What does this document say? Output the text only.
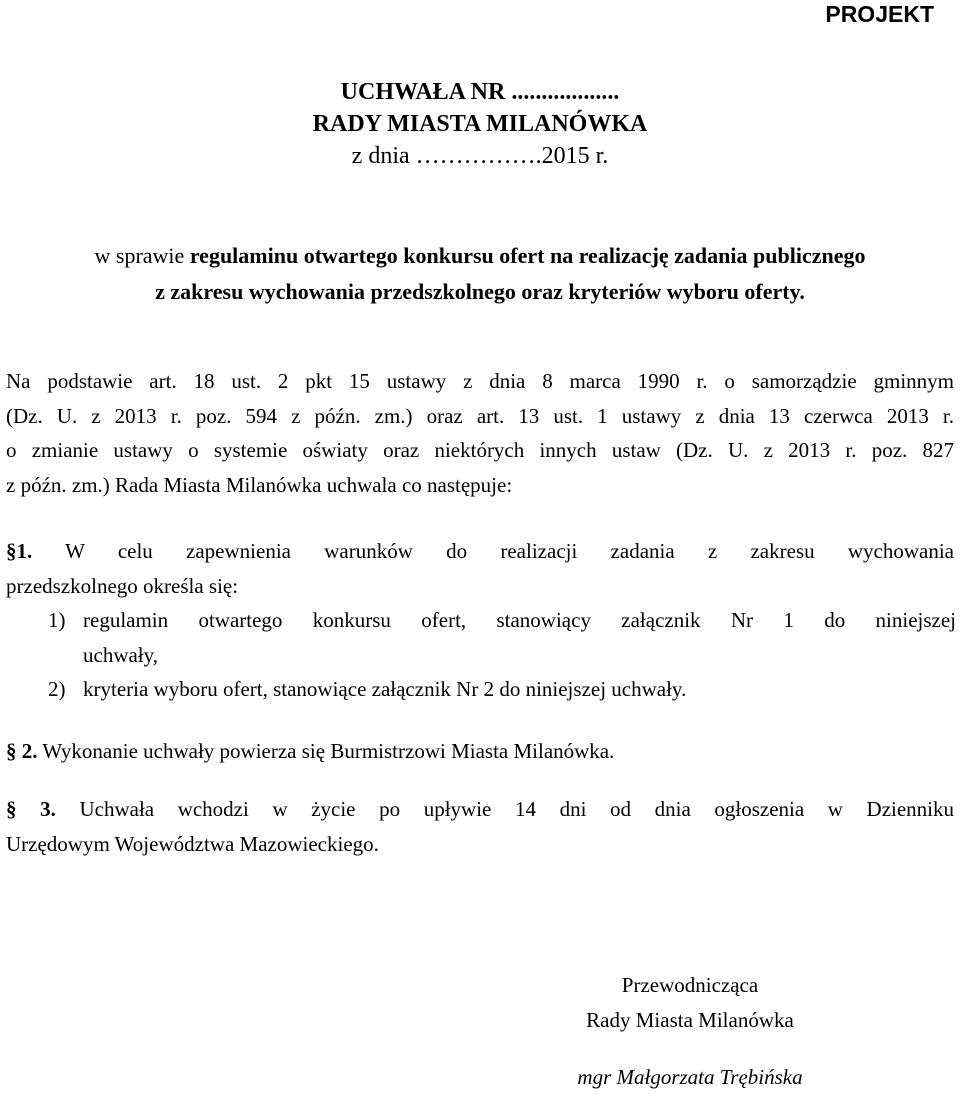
PROJEKT
UCHWAŁA NR ..................
RADY MIASTA MILANÓWKA
z dnia …………….2015 r.
w sprawie regulaminu otwartego konkursu ofert na realizację zadania publicznego
z zakresu wychowania przedszkolnego oraz kryteriów wyboru oferty.
Na podstawie art. 18 ust. 2 pkt 15 ustawy z dnia 8 marca 1990 r. o samorządzie gminnym
(Dz. U. z 2013 r. poz. 594 z późn. zm.) oraz art. 13 ust. 1 ustawy z dnia 13 czerwca 2013 r.
o zmianie ustawy o systemie oświaty oraz niektórych innych ustaw (Dz. U. z 2013 r. poz. 827
z późn. zm.) Rada Miasta Milanówka uchwala co następuje:
§1. W celu zapewnienia warunków do realizacji zadania z zakresu wychowania
przedszkolnego określa się:
1) regulamin otwartego konkursu ofert, stanowiący załącznik Nr 1 do niniejszej
uchwały,
2) kryteria wyboru ofert, stanowiące załącznik Nr 2 do niniejszej uchwały.
§ 2. Wykonanie uchwały powierza się Burmistrzowi Miasta Milanówka.
§ 3. Uchwała wchodzi w życie po upływie 14 dni od dnia ogłoszenia w Dzienniku
Urzędowym Województwa Mazowieckiego.
Przewodnicząca
Rady Miasta Milanówka
mgr Małgorzata Trębińska
